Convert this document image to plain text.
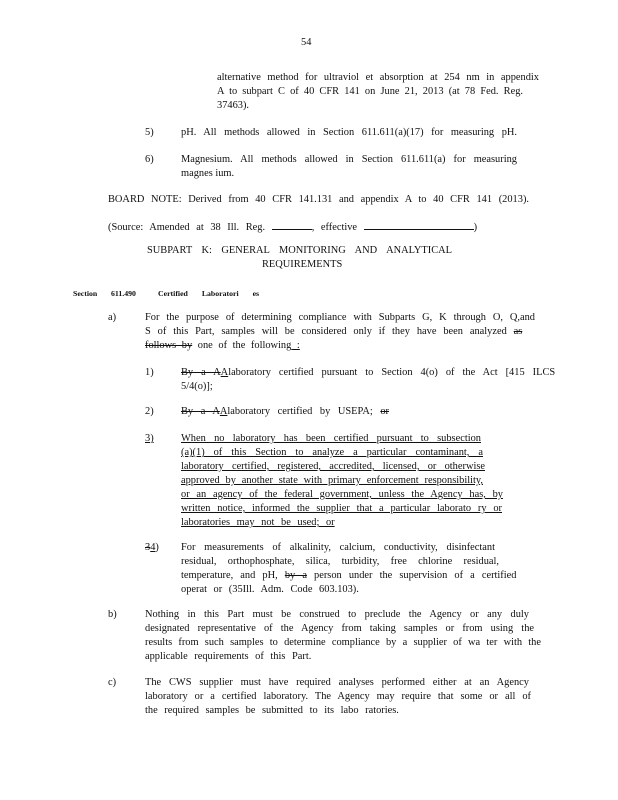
54
alternative method for ultraviol et absorption at 254 nm in appendix
A to subpart C of 40 CFR 141 on June 21, 2013 (at 78 Fed. Reg.
37463).
5)	pH. All methods allowed in Section 611.611(a)(17) for measuring pH.
6)	Magnesium. All methods allowed in Section 611.611(a) for measuring
magnes ium.
BOARD NOTE: Derived from 40 CFR 141.131 and appendix A to 40 CFR 141 (2013).
(Source: Amended at 38 Ill. Reg.	, effective	)
SUBPART K: GENERAL MONITORING AND ANALYTICAL
REQUIREMENTS
Section 611.490	Certified Laboratori es
a)	For the purpose of determining compliance with Subparts G, K through O, Q,and
S of this Part, samples will be considered only if they have been analyzed as
follows by one of the following :
1)	By a AAlaboratory certified pursuant to Section 4(o) of the Act [415 ILCS
5/4(o)];
2)	By a AAlaboratory certified by USEPA; or
3)	When no laboratory has been certified pursuant to subsection
(a)(1) of this Section to analyze a particular contaminant, a
laboratory certified, registered, accredited, licensed, or otherwise
approved by another state with primary enforcement responsibility,
or an agency of the federal government, unless the Agency has, by
written notice, informed the supplier that a particular laborato ry or
laboratories may not be used; or
34) For measurements of alkalinity, calcium, conductivity, disinfectant
residual, orthophosphate, silica, turbidity, free chlorine residual,
temperature, and pH, by a person under the supervision of a certified
operat or (35Ill. Adm. Code 603.103).
b)	Nothing in this Part must be construed to preclude the Agency or any duly
designated representative of the Agency from taking samples or from using the
results from such samples to determine compliance by a supplier of wa ter with the
applicable requirements of this Part.
c)	The CWS supplier must have required analyses performed either at an Agency
laboratory or a certified laboratory. The Agency may require that some or all of
the required samples be submitted to its labo ratories.
